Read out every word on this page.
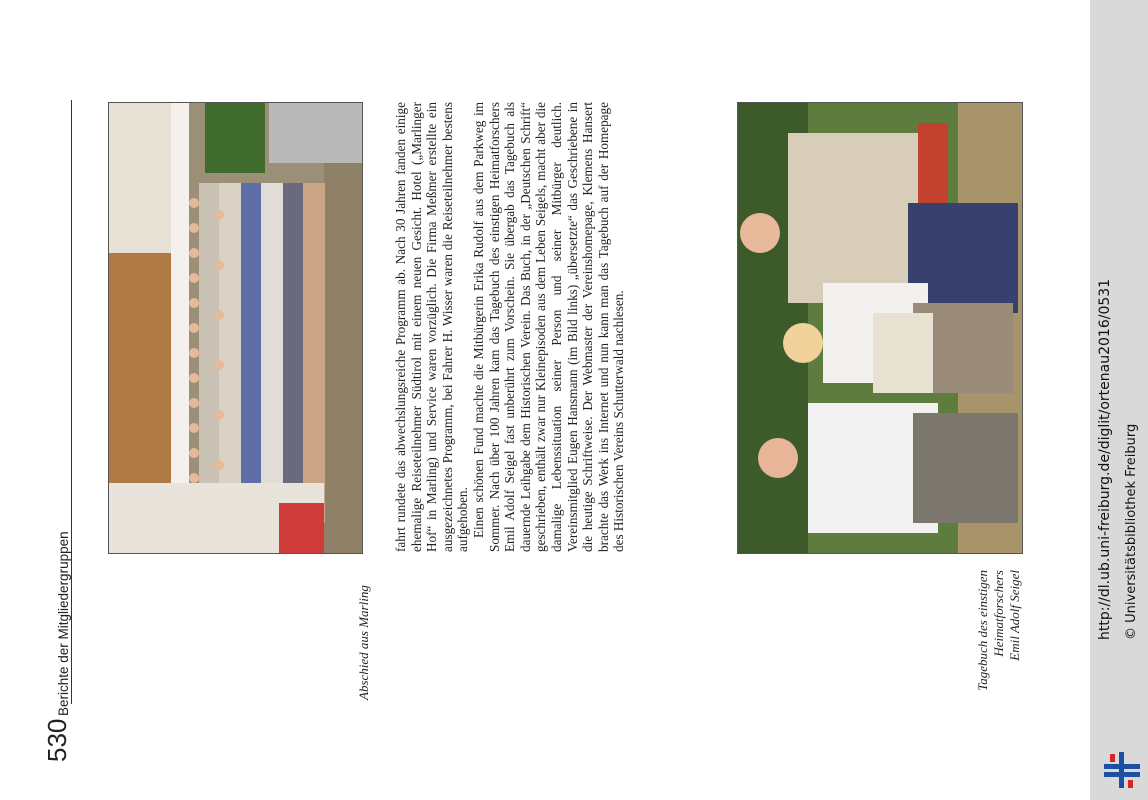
530
Berichte der Mitgliedergruppen	Abschied aus Marling	Tagebuch des einstigen Heimatforschers Emil Adolf Seigel

fahrt rundete das abwechslungsreiche Programm ab. Nach 30 Jahren fanden einige ehemalige Reiseteilnehmer Südtirol mit einem neuen Gesicht. Hotel („Marlinger Hof“ in Marling) und Service waren vorzüglich. Die Firma Meßmer erstellte ein ausgezeichnetes Programm, bei Fahrer H. Wisser waren die Reiseteilnehmer bestens aufgehoben. Einen schönen Fund machte die Mitbürgerin Erika Rudolf aus dem Parkweg im Sommer. Nach über 100 Jahren kam das Tagebuch des einstigen Heimatforschers Emil Adolf Seigel fast unberührt zum Vorschein. Sie übergab das Tagebuch als dauernde Leihgabe dem Historischen Verein. Das Buch, in der „Deutschen Schrift“ geschrieben, enthält zwar nur Kleinepisoden aus dem Leben Seigels, macht aber die damalige Lebenssituation seiner Person und seiner Mitbürger deutlich. Vereinsmitglied Eugen Hansmann (im Bild links) „übersetzte“ das Geschriebene in die heutige Schriftweise. Der Webmaster der Vereinshomepage, Klemens Hansert brachte das Werk ins Internet und nun kann man das Tagebuch auf der Homepage des Historischen Vereins Schutterwald nachlesen.	http://dl.ub.uni-freiburg.de/diglit/ortenau2016/0531 © Universitätsbibliothek Freiburg
